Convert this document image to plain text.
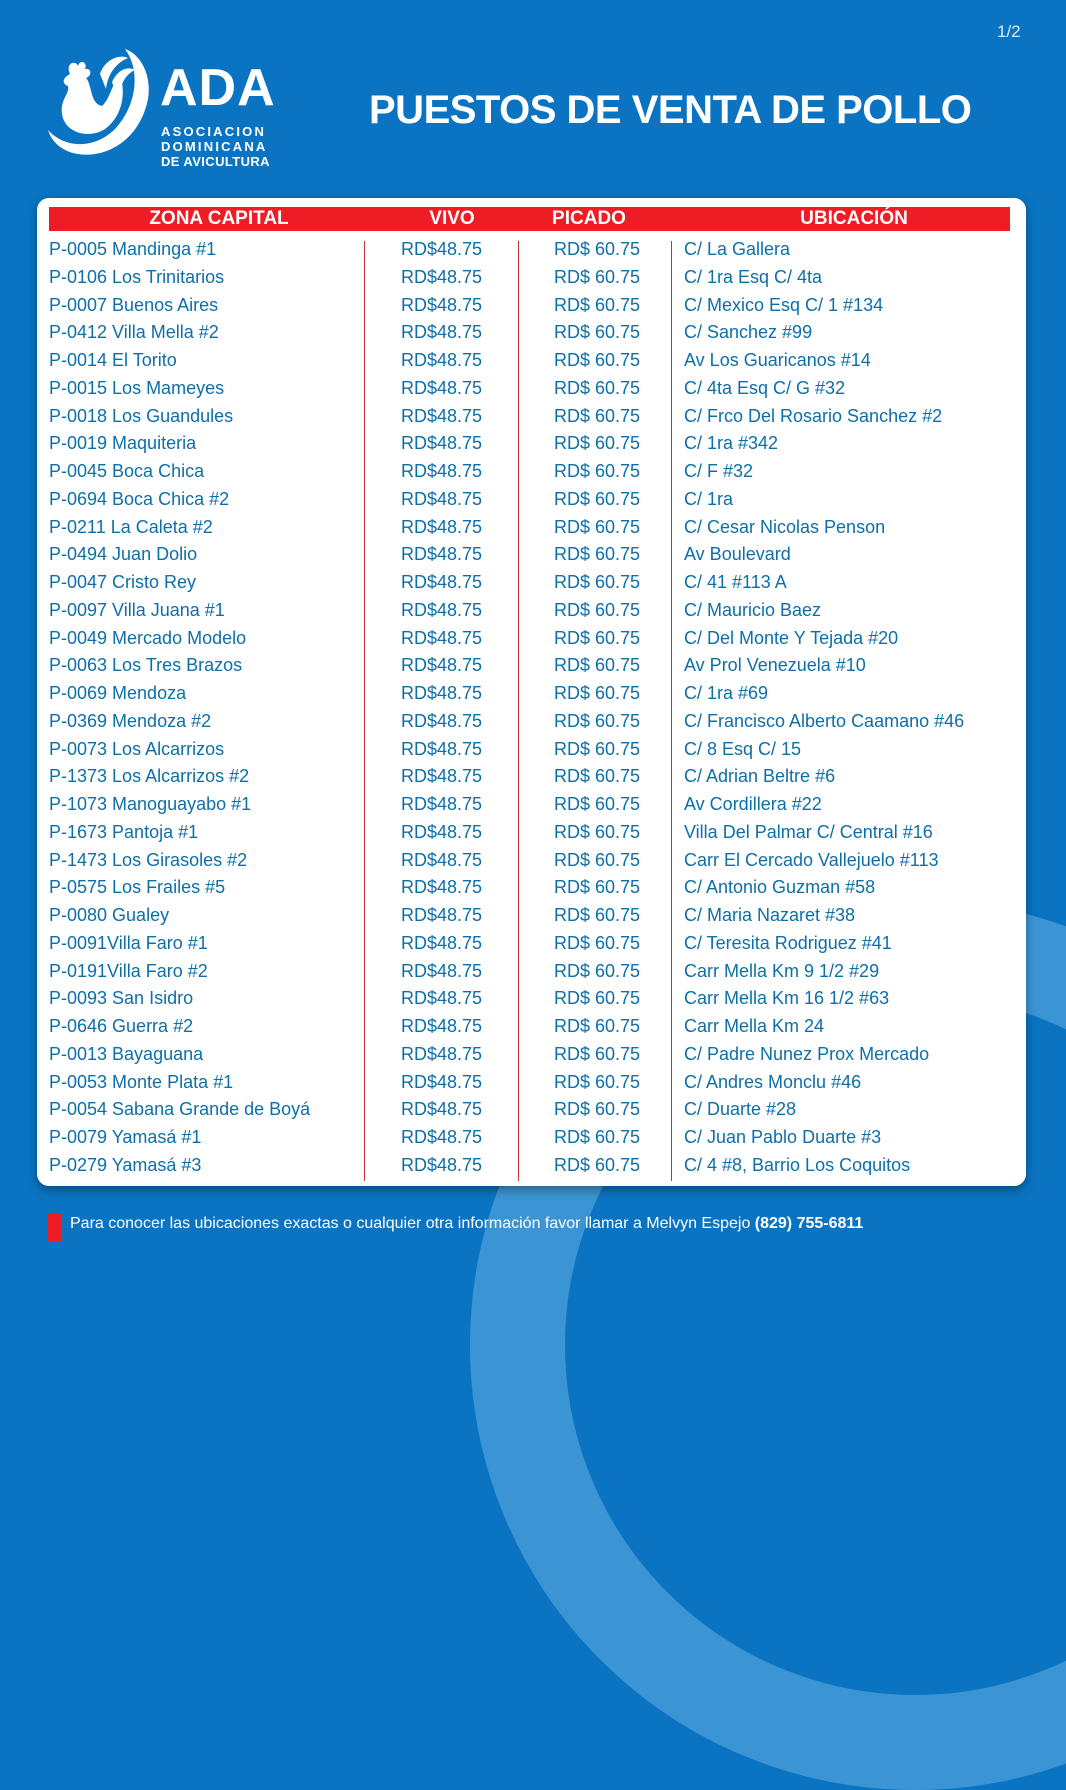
1/2
ADA
ASOCIACION
DOMINICANA
DE AVICULTURA
PUESTOS DE VENTA DE POLLO
ZONA CAPITAL	VIVO	PICADO	UBICACIÓN
P-0005 Mandinga #1	RD$48.75	RD$ 60.75 C/ La Gallera
P-0106 Los Trinitarios	RD$48.75	RD$ 60.75 C/ 1ra Esq C/ 4ta
P-0007 Buenos Aires	RD$48.75	RD$ 60.75 C/ Mexico Esq C/ 1 #134
P-0412 Villa Mella #2	RD$48.75	RD$ 60.75 C/ Sanchez #99
P-0014 El Torito	RD$48.75	RD$ 60.75 Av Los Guaricanos #14
P-0015 Los Mameyes	RD$48.75	RD$ 60.75 C/ 4ta Esq C/ G #32
P-0018 Los Guandules	RD$48.75	RD$ 60.75 C/ Frco Del Rosario Sanchez #2
P-0019 Maquiteria	RD$48.75	RD$ 60.75 C/ 1ra #342
P-0045 Boca Chica	RD$48.75	RD$ 60.75 C/ F #32
P-0694 Boca Chica #2	RD$48.75	RD$ 60.75 C/ 1ra
P-0211 La Caleta #2	RD$48.75	RD$ 60.75 C/ Cesar Nicolas Penson
P-0494 Juan Dolio	RD$48.75	RD$ 60.75 Av Boulevard
P-0047 Cristo Rey	RD$48.75	RD$ 60.75 C/ 41 #113 A
P-0097 Villa Juana #1	RD$48.75	RD$ 60.75 C/ Mauricio Baez
P-0049 Mercado Modelo	RD$48.75	RD$ 60.75 C/ Del Monte Y Tejada #20
P-0063 Los Tres Brazos	RD$48.75	RD$ 60.75 Av Prol Venezuela #10
P-0069 Mendoza	RD$48.75	RD$ 60.75 C/ 1ra #69
P-0369 Mendoza #2	RD$48.75	RD$ 60.75 C/ Francisco Alberto Caamano #46
P-0073 Los Alcarrizos	RD$48.75	RD$ 60.75 C/ 8 Esq C/ 15
P-1373 Los Alcarrizos #2	RD$48.75	RD$ 60.75 C/ Adrian Beltre #6
P-1073 Manoguayabo #1	RD$48.75	RD$ 60.75 Av Cordillera #22
P-1673 Pantoja #1	RD$48.75	RD$ 60.75 Villa Del Palmar C/ Central #16
P-1473 Los Girasoles #2	RD$48.75	RD$ 60.75 Carr El Cercado Vallejuelo #113
P-0575 Los Frailes #5	RD$48.75	RD$ 60.75 C/ Antonio Guzman #58
P-0080 Gualey	RD$48.75	RD$ 60.75 C/ Maria Nazaret #38
P-0091Villa Faro #1	RD$48.75	RD$ 60.75 C/ Teresita Rodriguez #41
P-0191Villa Faro #2	RD$48.75	RD$ 60.75 Carr Mella Km 9 1/2 #29
P-0093 San Isidro	RD$48.75	RD$ 60.75 Carr Mella Km 16 1/2 #63
P-0646 Guerra #2	RD$48.75	RD$ 60.75 Carr Mella Km 24
P-0013 Bayaguana	RD$48.75	RD$ 60.75 C/ Padre Nunez Prox Mercado
P-0053 Monte Plata #1	RD$48.75	RD$ 60.75 C/ Andres Monclu #46
P-0054 Sabana Grande de Boyá	RD$48.75	RD$ 60.75 C/ Duarte #28
P-0079 Yamasá #1	RD$48.75	RD$ 60.75 C/ Juan Pablo Duarte #3
P-0279 Yamasá #3	RD$48.75	RD$ 60.75 C/ 4 #8, Barrio Los Coquitos
Para conocer las ubicaciones exactas o cualquier otra información favor llamar a Melvyn Espejo (829) 755-6811
